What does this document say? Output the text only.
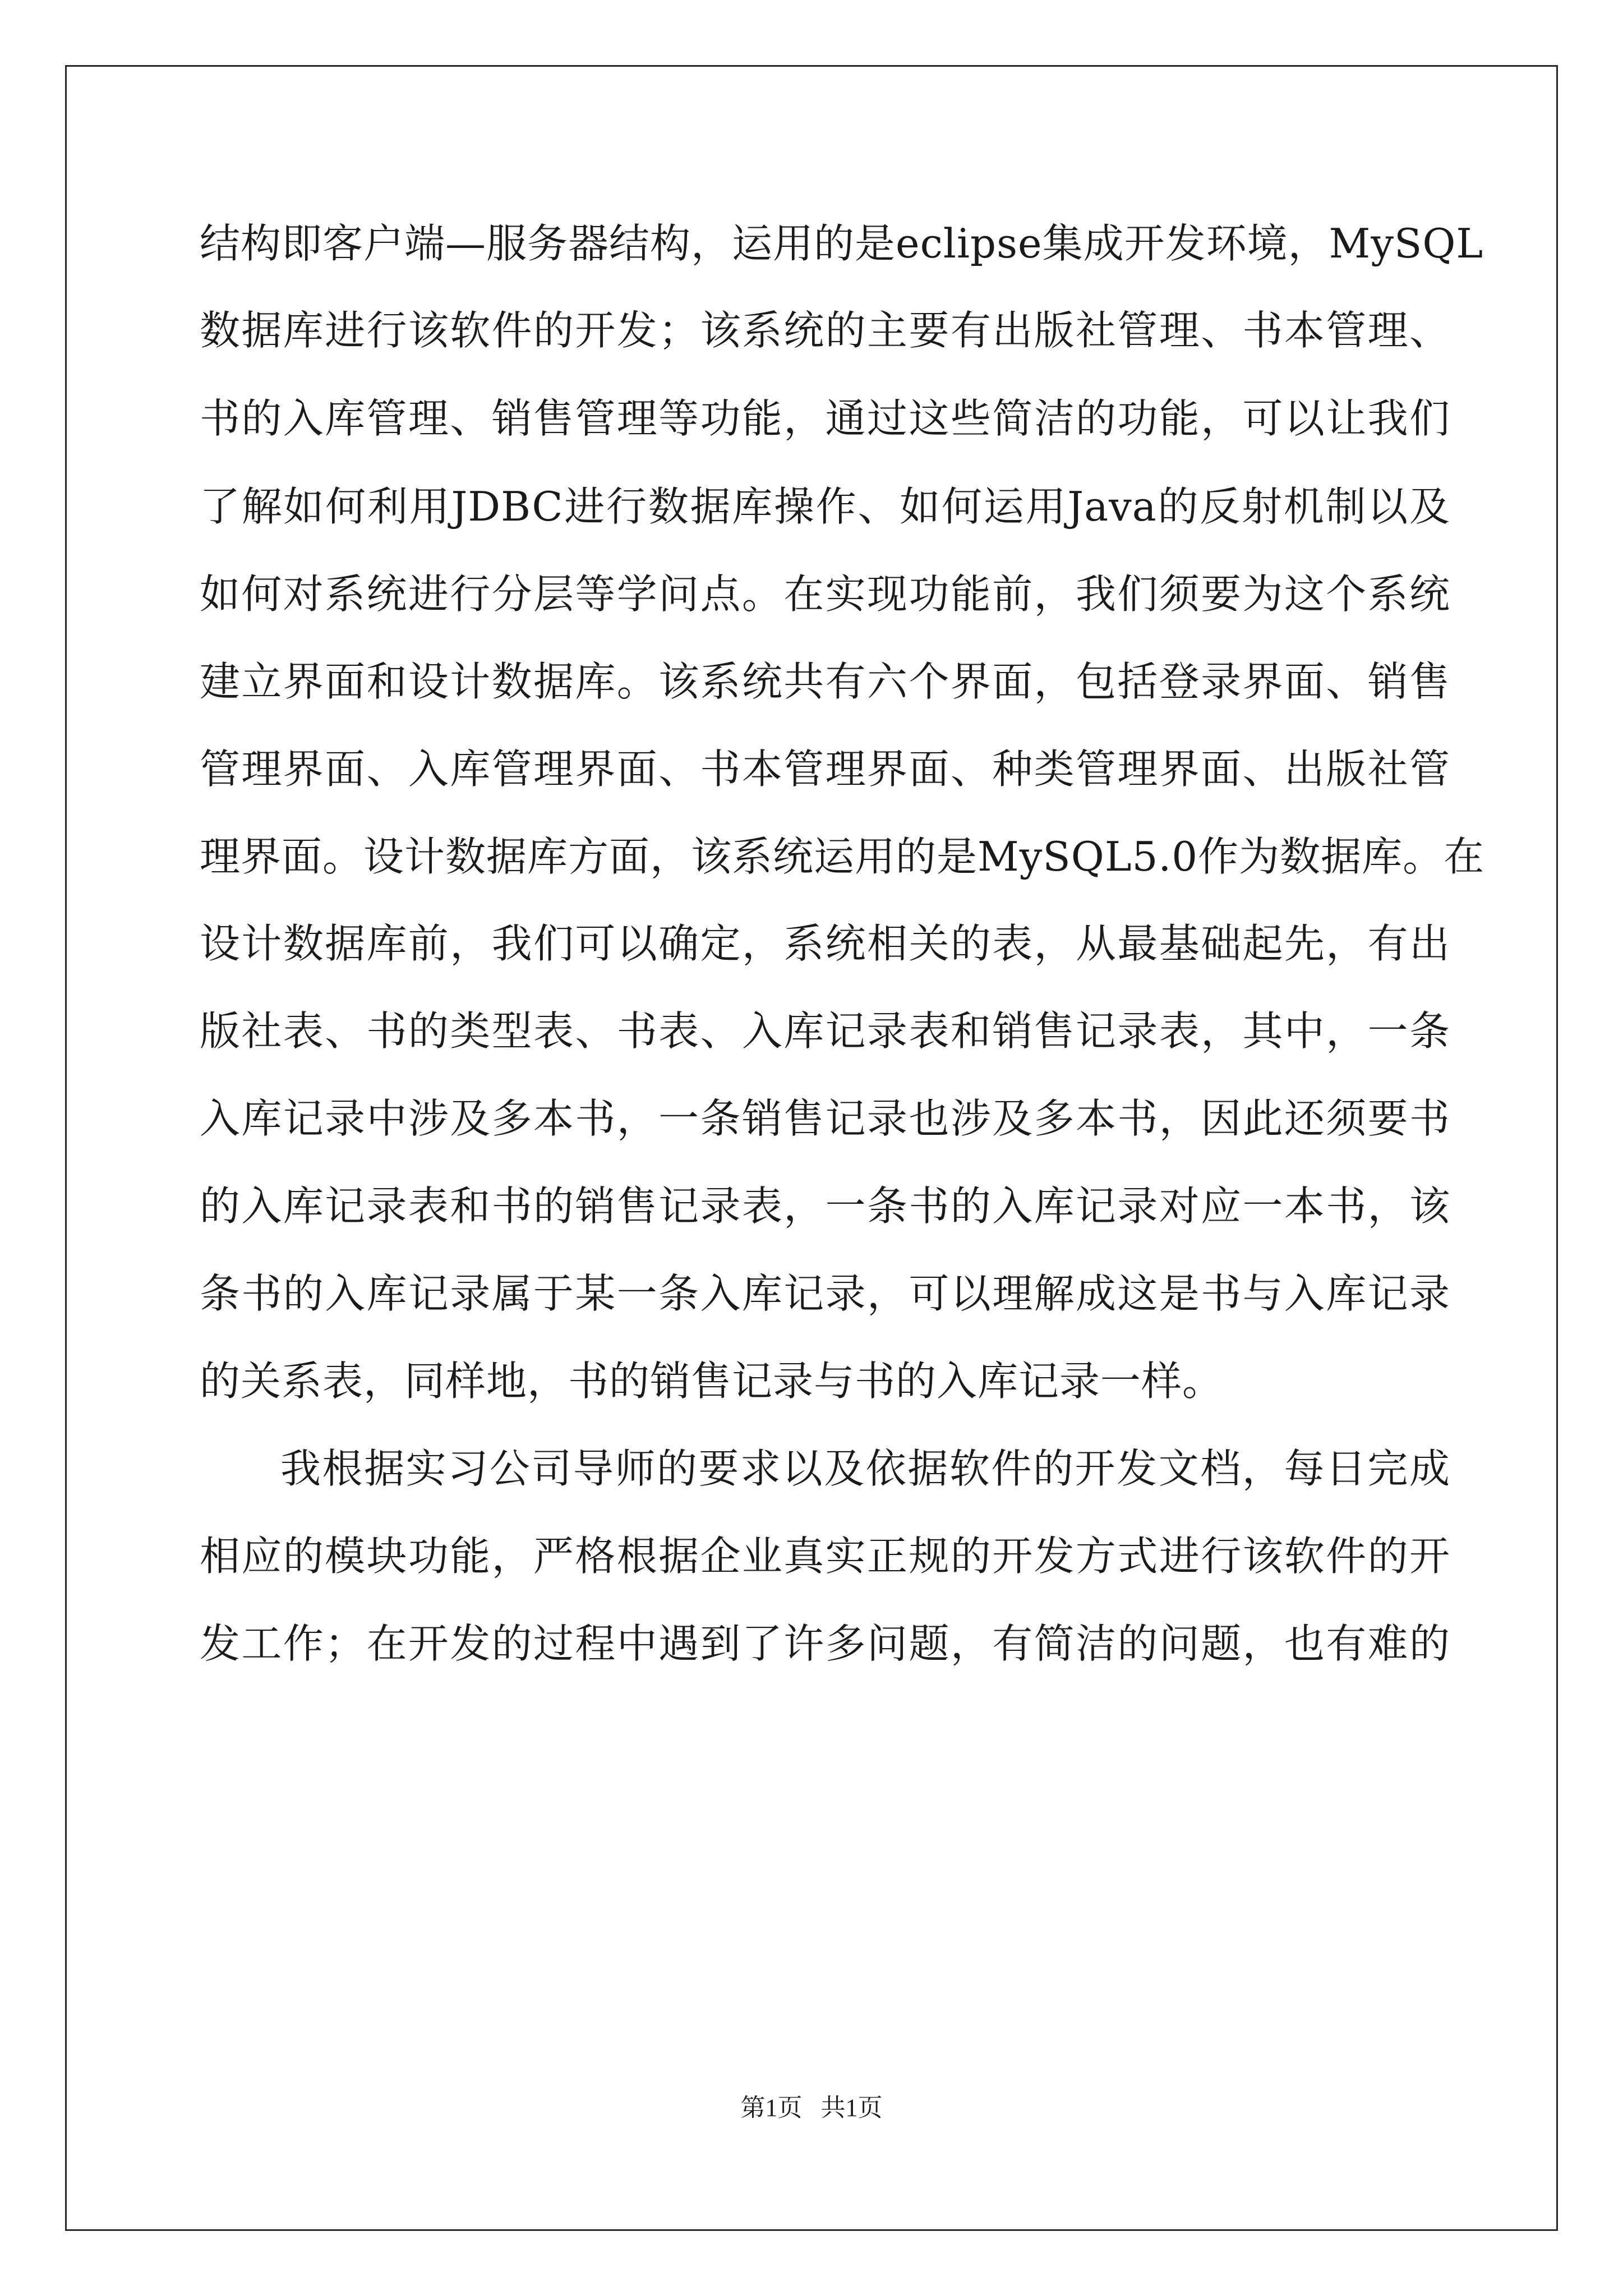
结构即客户端—服务器结构，运用的是eclipse集成开发环境，MySQL
数据库进行该软件的开发；该系统的主要有出版社管理、书本管理、
书的入库管理、销售管理等功能，通过这些简洁的功能，可以让我们
了解如何利用JDBC进行数据库操作、如何运用Java的反射机制以及
如何对系统进行分层等学问点。在实现功能前，我们须要为这个系统
建立界面和设计数据库。该系统共有六个界面，包括登录界面、销售
管理界面、入库管理界面、书本管理界面、种类管理界面、出版社管
理界面。设计数据库方面，该系统运用的是MySQL5.0作为数据库。在
设计数据库前，我们可以确定，系统相关的表，从最基础起先，有出
版社表、书的类型表、书表、入库记录表和销售记录表，其中，一条
入库记录中涉及多本书，一条销售记录也涉及多本书，因此还须要书
的入库记录表和书的销售记录表，一条书的入库记录对应一本书，该
条书的入库记录属于某一条入库记录，可以理解成这是书与入库记录
的关系表，同样地，书的销售记录与书的入库记录一样。
我根据实习公司导师的要求以及依据软件的开发文档，每日完成
相应的模块功能，严格根据企业真实正规的开发方式进行该软件的开
发工作；在开发的过程中遇到了许多问题，有简洁的问题，也有难的
第1页   共1页
